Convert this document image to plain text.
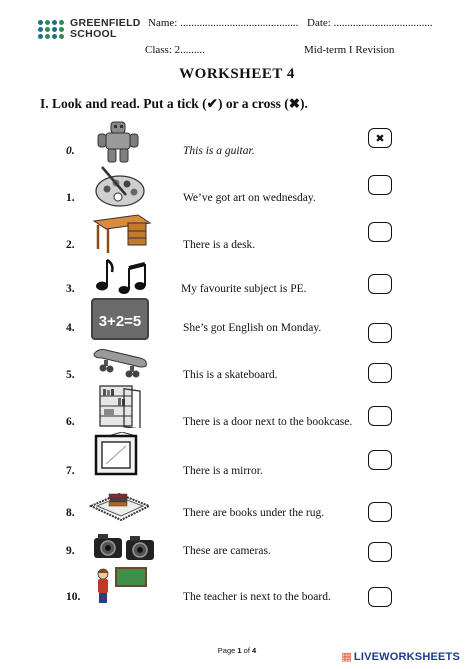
GREENFIELD
SCHOOL
Name: ........................................... Date: ....................................
Class: 2.........	Mid-term I Revision
WORKSHEET 4
I. Look and read. Put a tick (✔) or a cross (✖).
0.	This is a guitar.
✖
1.	We’ve got art on wednesday.
2.	There is a desk.
3.	My favourite subject is PE.
4. 3+2=5	She’s got English on Monday.
5.	This is a skateboard.
6.	There is a door next to the bookcase.
7.	There is a mirror.
8.	There are books under the rug.
9.	These are cameras.
10.	The teacher is next to the board.
Page 1 of 4
▦ LIVEWORKSHEETS
